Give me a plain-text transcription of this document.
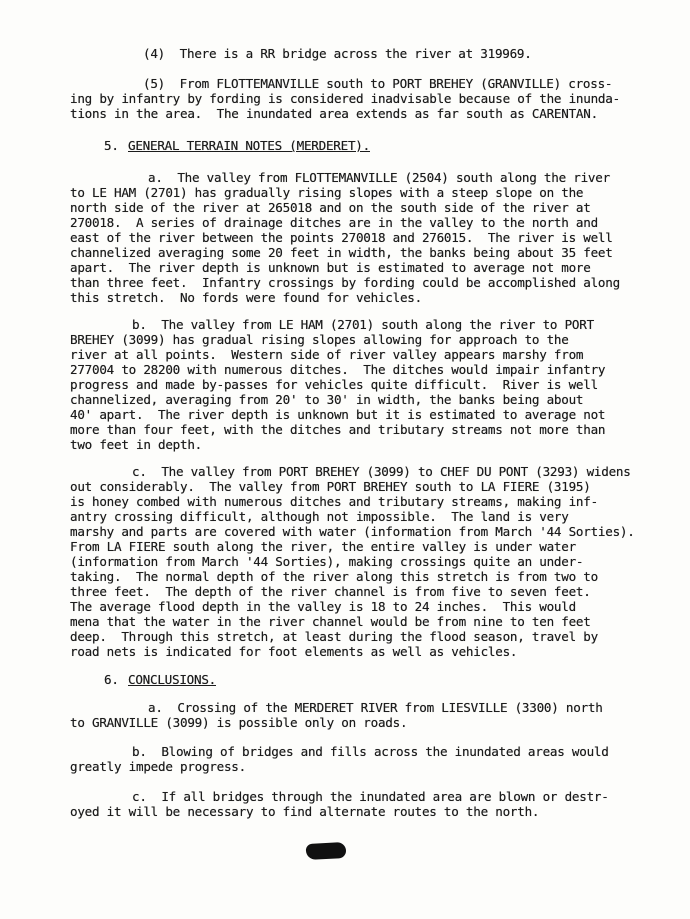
(4)  There is a RR bridge across the river at 319969.
(5)  From FLOTTEMANVILLE south to PORT BREHEY (GRANVILLE) cross-
ing by infantry by fording is considered inadvisable because of the inunda-
tions in the area.  The inundated area extends as far south as CARENTAN.
5. GENERAL TERRAIN NOTES (MERDERET).
a.  The valley from FLOTTEMANVILLE (2504) south along the river
to LE HAM (2701) has gradually rising slopes with a steep slope on the
north side of the river at 265018 and on the south side of the river at
270018.  A series of drainage ditches are in the valley to the north and
east of the river between the points 270018 and 276015.  The river is well
channelized averaging some 20 feet in width, the banks being about 35 feet
apart.  The river depth is unknown but is estimated to average not more
than three feet.  Infantry crossings by fording could be accomplished along
this stretch.  No fords were found for vehicles.
b.  The valley from LE HAM (2701) south along the river to PORT
BREHEY (3099) has gradual rising slopes allowing for approach to the
river at all points.  Western side of river valley appears marshy from
277004 to 28200 with numerous ditches.  The ditches would impair infantry
progress and made by-passes for vehicles quite difficult.  River is well
channelized, averaging from 20' to 30' in width, the banks being about
40' apart.  The river depth is unknown but it is estimated to average not
more than four feet, with the ditches and tributary streams not more than
two feet in depth.
c.  The valley from PORT BREHEY (3099) to CHEF DU PONT (3293) widens
out considerably.  The valley from PORT BREHEY south to LA FIERE (3195)
is honey combed with numerous ditches and tributary streams, making inf-
antry crossing difficult, although not impossible.  The land is very
marshy and parts are covered with water (information from March '44 Sorties).
From LA FIERE south along the river, the entire valley is under water
(information from March '44 Sorties), making crossings quite an under-
taking.  The normal depth of the river along this stretch is from two to
three feet.  The depth of the river channel is from five to seven feet.
The average flood depth in the valley is 18 to 24 inches.  This would
mena that the water in the river channel would be from nine to ten feet
deep.  Through this stretch, at least during the flood season, travel by
road nets is indicated for foot elements as well as vehicles.
6. CONCLUSIONS.
a.  Crossing of the MERDERET RIVER from LIESVILLE (3300) north
to GRANVILLE (3099) is possible only on roads.
b.  Blowing of bridges and fills across the inundated areas would
greatly impede progress.
c.  If all bridges through the inundated area are blown or destr-
oyed it will be necessary to find alternate routes to the north.
